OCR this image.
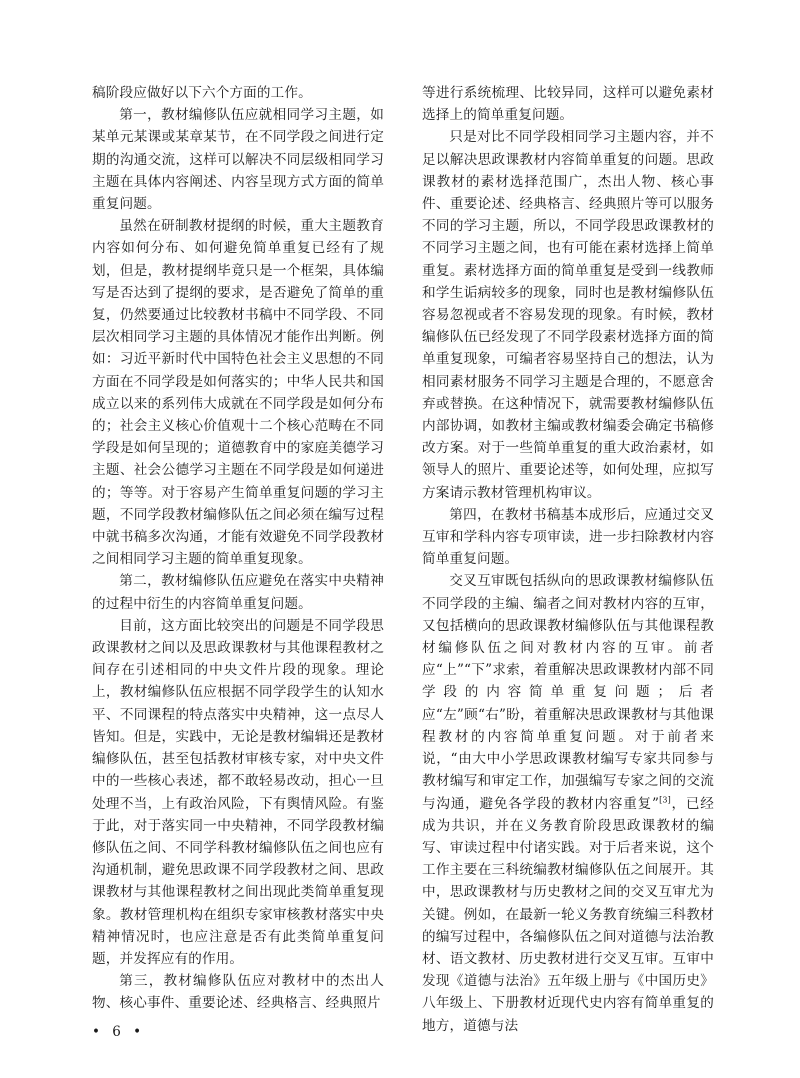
稿阶段应做好以下六个方面的工作。

第一，教材编修队伍应就相同学习主题，如某单元某课或某章某节，在不同学段之间进行定期的沟通交流，这样可以解决不同层级相同学习主题在具体内容阐述、内容呈现方式方面的简单重复问题。

虽然在研制教材提纲的时候，重大主题教育内容如何分布、如何避免简单重复已经有了规划，但是，教材提纲毕竟只是一个框架，具体编写是否达到了提纲的要求，是否避免了简单的重复，仍然要通过比较教材书稿中不同学段、不同层次相同学习主题的具体情况才能作出判断。例如：习近平新时代中国特色社会主义思想的不同方面在不同学段是如何落实的；中华人民共和国成立以来的系列伟大成就在不同学段是如何分布的；社会主义核心价值观十二个核心范畴在不同学段是如何呈现的；道德教育中的家庭美德学习主题、社会公德学习主题在不同学段是如何递进的；等等。对于容易产生简单重复问题的学习主题，不同学段教材编修队伍之间必须在编写过程中就书稿多次沟通，才能有效避免不同学段教材之间相同学习主题的简单重复现象。

第二，教材编修队伍应避免在落实中央精神的过程中衍生的内容简单重复问题。

目前，这方面比较突出的问题是不同学段思政课教材之间以及思政课教材与其他课程教材之间存在引述相同的中央文件片段的现象。理论上，教材编修队伍应根据不同学段学生的认知水平、不同课程的特点落实中央精神，这一点尽人皆知。但是，实践中，无论是教材编辑还是教材编修队伍，甚至包括教材审核专家，对中央文件中的一些核心表述，都不敢轻易改动，担心一旦处理不当，上有政治风险，下有舆情风险。有鉴于此，对于落实同一中央精神，不同学段教材编修队伍之间、不同学科教材编修队伍之间也应有沟通机制，避免思政课不同学段教材之间、思政课教材与其他课程教材之间出现此类简单重复现象。教材管理机构在组织专家审核教材落实中央精神情况时，也应注意是否有此类简单重复问题，并发挥应有的作用。

第三，教材编修队伍应对教材中的杰出人物、核心事件、重要论述、经典格言、经典照片

等进行系统梳理、比较异同，这样可以避免素材选择上的简单重复问题。

只是对比不同学段相同学习主题内容，并不足以解决思政课教材内容简单重复的问题。思政课教材的素材选择范围广，杰出人物、核心事件、重要论述、经典格言、经典照片等可以服务不同的学习主题，所以，不同学段思政课教材的不同学习主题之间，也有可能在素材选择上简单重复。素材选择方面的简单重复是受到一线教师和学生诟病较多的现象，同时也是教材编修队伍容易忽视或者不容易发现的现象。有时候，教材编修队伍已经发现了不同学段素材选择方面的简单重复现象，可编者容易坚持自己的想法，认为相同素材服务不同学习主题是合理的，不愿意舍弃或替换。在这种情况下，就需要教材编修队伍内部协调，如教材主编或教材编委会确定书稿修改方案。对于一些简单重复的重大政治素材，如领导人的照片、重要论述等，如何处理，应拟写方案请示教材管理机构审议。

第四，在教材书稿基本成形后，应通过交叉互审和学科内容专项审读，进一步扫除教材内容简单重复问题。

交叉互审既包括纵向的思政课教材编修队伍不同学段的主编、编者之间对教材内容的互审，又包括横向的思政课教材编修队伍与其他课程教材编修队伍之间对教材内容的互审。前者应“上”“下”求索，着重解决思政课教材内部不同学段的内容简单重复问题；后者应“左”顾“右”盼，着重解决思政课教材与其他课程教材的内容简单重复问题。对于前者来说，“由大中小学思政课教材编写专家共同参与教材编写和审定工作，加强编写专家之间的交流与沟通，避免各学段的教材内容重复”[3]，已经成为共识，并在义务教育阶段思政课教材的编写、审读过程中付诸实践。对于后者来说，这个工作主要在三科统编教材编修队伍之间展开。其中，思政课教材与历史教材之间的交叉互审尤为关键。例如，在最新一轮义务教育统编三科教材的编写过程中，各编修队伍之间对道德与法治教材、语文教材、历史教材进行交叉互审。互审中发现《道德与法治》五年级上册与《中国历史》八年级上、下册教材近现代史内容有简单重复的地方，道德与法

• 6 •
